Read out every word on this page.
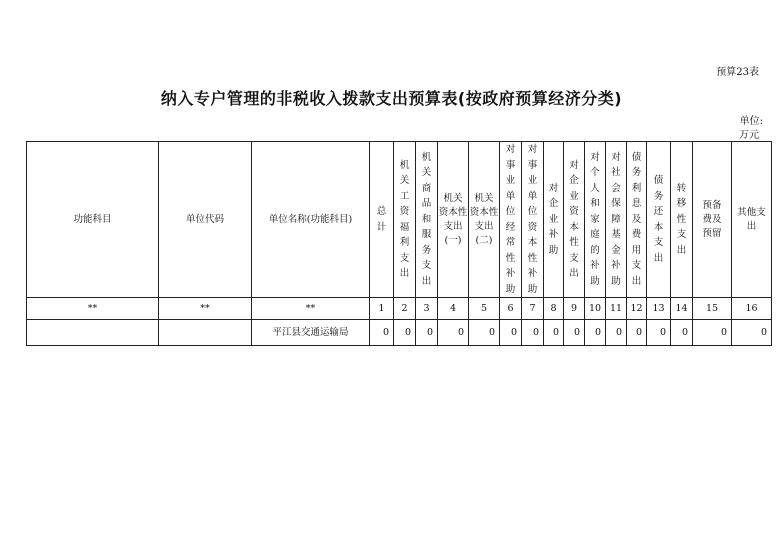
预算23表
纳入专户管理的非税收入拨款支出预算表(按政府预算经济分类)
单位:
万元
功能科目	单位代码	单位名称(功能科目)	总计	机关工资福利支出	机关商品和服务支出	机关
资本性
支出
(一)	机关
资本性
支出
(二)	对事业单位经常性补助	对事业单位资本性补助	对企业补助	对企业资本性支出	对个人和家庭的补助	对社会保障基金补助	债务利息及费用支出	债务还本支出	转移性支出	预备
费及
预留	其他支
出
**	**	**	1	2	3	4	5	6	7	8	9	10	11	12	13	14	15	16
		平江县交通运输局	0	0	0	0	0	0	0	0	0	0	0	0	0	0	0	0
